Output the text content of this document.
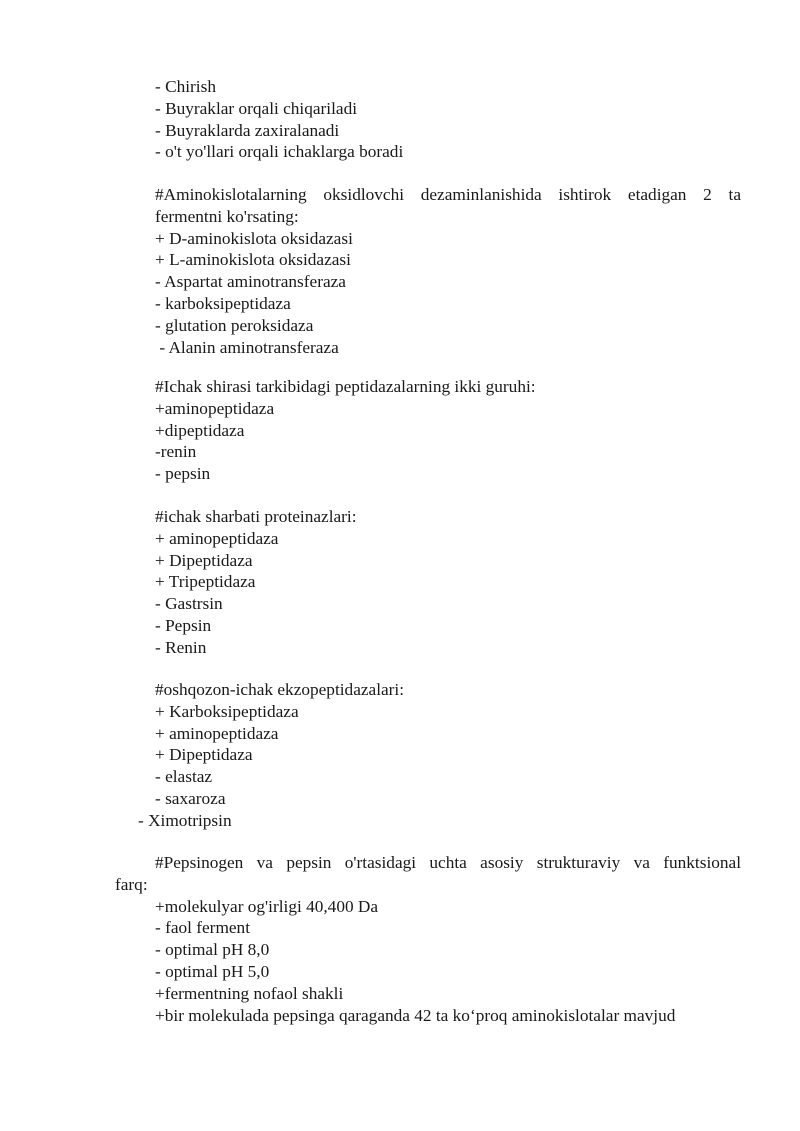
- Chirish
- Buyraklar orqali chiqariladi
- Buyraklarda zaxiralanadi
- o't yo'llari orqali ichaklarga boradi
#Aminokislotalarning oksidlovchi dezaminlanishida ishtirok etadigan 2 ta
fermentni ko'rsating:
+ D-aminokislota oksidazasi
+ L-aminokislota oksidazasi
- Aspartat aminotransferaza
- karboksipeptidaza
- glutation peroksidaza
- Alanin aminotransferaza
#Ichak shirasi tarkibidagi peptidazalarning ikki guruhi:
+aminopeptidaza
+dipeptidaza
-renin
- pepsin
#ichak sharbati proteinazlari:
+ aminopeptidaza
+ Dipeptidaza
+ Tripeptidaza
- Gastrsin
- Pepsin
- Renin
#oshqozon-ichak ekzopeptidazalari:
+ Karboksipeptidaza
+ aminopeptidaza
+ Dipeptidaza
- elastaz
- saxaroza
- Ximotripsin
#Pepsinogen va pepsin o'rtasidagi uchta asosiy strukturaviy va funktsional
farq:
+molekulyar og'irligi 40,400 Da
- faol ferment
- optimal pH 8,0
- optimal pH 5,0
+fermentning nofaol shakli
+bir molekulada pepsinga qaraganda 42 ta ko‘proq aminokislotalar mavjud
